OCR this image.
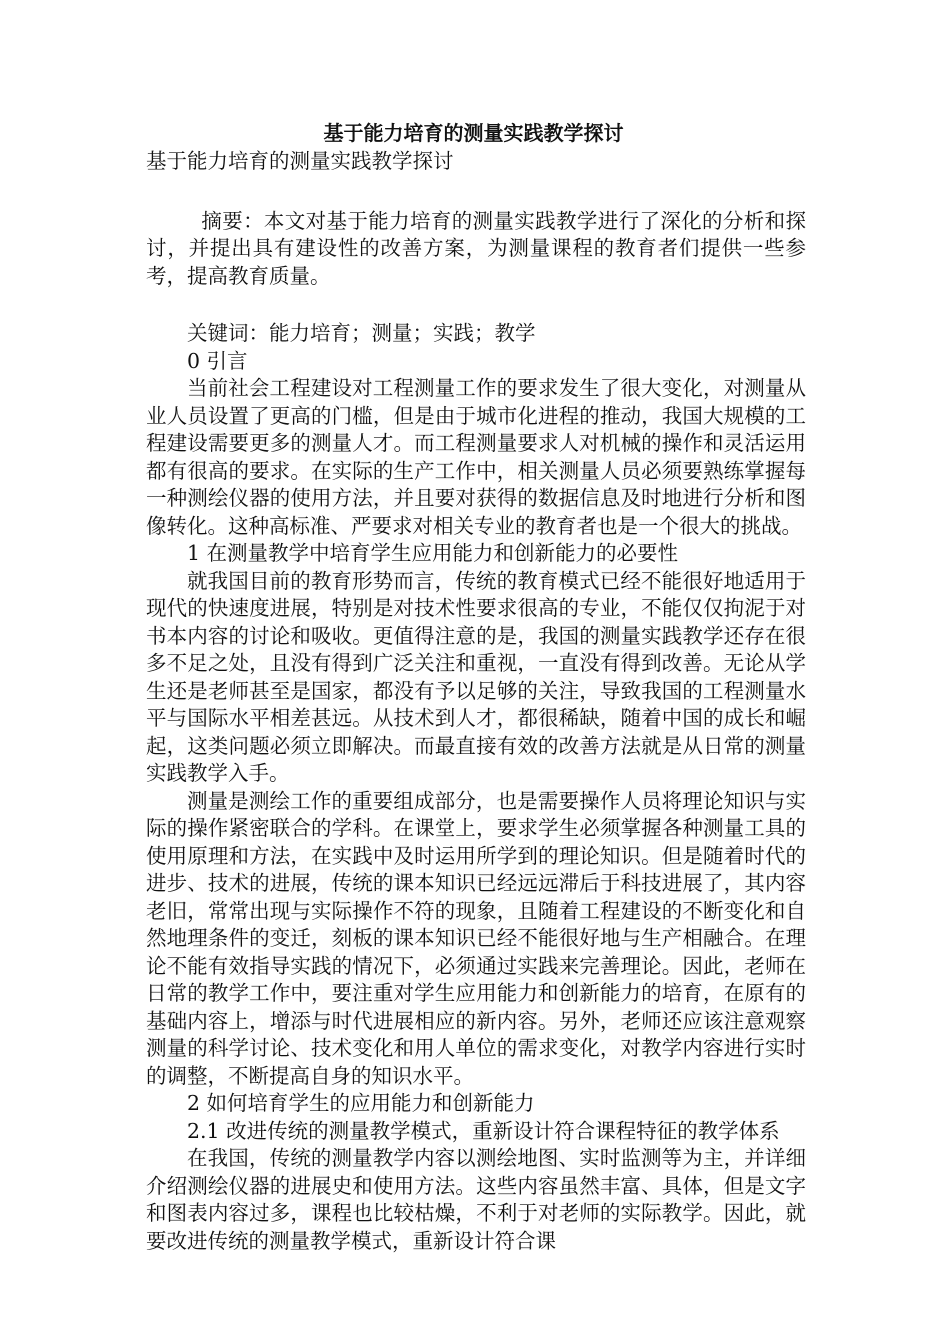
基于能力培育的测量实践教学探讨

基于能力培育的测量实践教学探讨

摘要：本文对基于能力培育的测量实践教学进行了深化的分析和探讨，并提出具有建设性的改善方案，为测量课程的教育者们提供一些参考，提高教育质量。

关键词：能力培育；测量；实践；教学

0 引言

当前社会工程建设对工程测量工作的要求发生了很大变化，对测量从业人员设置了更高的门槛，但是由于城市化进程的推动，我国大规模的工程建设需要更多的测量人才。而工程测量要求人对机械的操作和灵活运用都有很高的要求。在实际的生产工作中，相关测量人员必须要熟练掌握每一种测绘仪器的使用方法，并且要对获得的数据信息及时地进行分析和图像转化。这种高标准、严要求对相关专业的教育者也是一个很大的挑战。

1 在测量教学中培育学生应用能力和创新能力的必要性

就我国目前的教育形势而言，传统的教育模式已经不能很好地适用于现代的快速度进展，特别是对技术性要求很高的专业，不能仅仅拘泥于对书本内容的讨论和吸收。更值得注意的是，我国的测量实践教学还存在很多不足之处，且没有得到广泛关注和重视，一直没有得到改善。无论从学生还是老师甚至是国家，都没有予以足够的关注，导致我国的工程测量水平与国际水平相差甚远。从技术到人才，都很稀缺，随着中国的成长和崛起，这类问题必须立即解决。而最直接有效的改善方法就是从日常的测量实践教学入手。

测量是测绘工作的重要组成部分，也是需要操作人员将理论知识与实际的操作紧密联合的学科。在课堂上，要求学生必须掌握各种测量工具的使用原理和方法，在实践中及时运用所学到的理论知识。但是随着时代的进步、技术的进展，传统的课本知识已经远远滞后于科技进展了，其内容老旧，常常出现与实际操作不符的现象，且随着工程建设的不断变化和自然地理条件的变迁，刻板的课本知识已经不能很好地与生产相融合。在理论不能有效指导实践的情况下，必须通过实践来完善理论。因此，老师在日常的教学工作中，要注重对学生应用能力和创新能力的培育，在原有的基础内容上，增添与时代进展相应的新内容。另外，老师还应该注意观察测量的科学讨论、技术变化和用人单位的需求变化，对教学内容进行实时的调整，不断提高自身的知识水平。

2 如何培育学生的应用能力和创新能力

2.1 改进传统的测量教学模式，重新设计符合课程特征的教学体系

在我国，传统的测量教学内容以测绘地图、实时监测等为主，并详细介绍测绘仪器的进展史和使用方法。这些内容虽然丰富、具体，但是文字和图表内容过多，课程也比较枯燥，不利于对老师的实际教学。因此，就要改进传统的测量教学模式，重新设计符合课
